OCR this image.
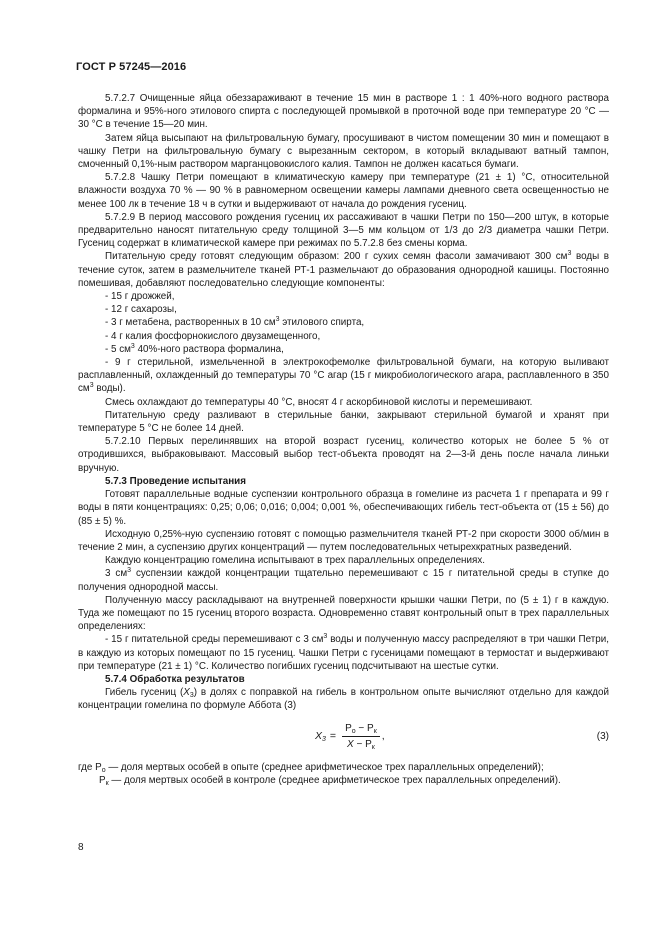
ГОСТ Р 57245—2016

5.7.2.7 Очищенные яйца обеззараживают в течение 15 мин в растворе 1 : 1 40%-ного водного раствора формалина и 95%-ного этилового спирта с последующей промывкой в проточной воде при температуре 20 °С — 30 °С в течение 15—20 мин.

Затем яйца высыпают на фильтровальную бумагу, просушивают в чистом помещении 30 мин и помещают в чашку Петри на фильтровальную бумагу с вырезанным сектором, в который вкладывают ватный тампон, смоченный 0,1%-ным раствором марганцовокислого калия. Тампон не должен касаться бумаги.

5.7.2.8 Чашку Петри помещают в климатическую камеру при температуре (21 ± 1) °С, относительной влажности воздуха 70 % — 90 % в равномерном освещении камеры лампами дневного света освещенностью не менее 100 лк в течение 18 ч в сутки и выдерживают от начала до рождения гусениц.

5.7.2.9 В период массового рождения гусениц их рассаживают в чашки Петри по 150—200 штук, в которые предварительно наносят питательную среду толщиной 3—5 мм кольцом от 1/3 до 2/3 диаметра чашки Петри. Гусениц содержат в климатической камере при режимах по 5.7.2.8 без смены корма.

Питательную среду готовят следующим образом: 200 г сухих семян фасоли замачивают 300 $см^3$ воды в течение суток, затем в размельчителе тканей РТ-1 размельчают до образования однородной кашицы. Постоянно помешивая, добавляют последовательно следующие компоненты:

- 15 г дрожжей,

- 12 г сахарозы,

- 3 г метабена, растворенных в 10 $см^3$ этилового спирта,

- 4 г калия фосфорнокислого двузамещенного,

- 5 $см^3$ 40%-ного раствора формалина,

- 9 г стерильной, измельченной в электрокофемолке фильтровальной бумаги, на которую выливают расплавленный, охлажденный до температуры 70 °С агар (15 г микробиологического агара, расплавленного в 350 $см^3$ воды).

Смесь охлаждают до температуры 40 °С, вносят 4 г аскорбиновой кислоты и перемешивают.

Питательную среду разливают в стерильные банки, закрывают стерильной бумагой и хранят при температуре 5 °С не более 14 дней.

5.7.2.10 Первых перелинявших на второй возраст гусениц, количество которых не более 5 % от отродившихся, выбраковывают. Массовый выбор тест-объекта проводят на 2—3-й день после начала линьки вручную.

5.7.3 Проведение испытания

Готовят параллельные водные суспензии контрольного образца в гомелине из расчета 1 г препарата и 99 г воды в пяти концентрациях: 0,25; 0,06; 0,016; 0,004; 0,001 %, обеспечивающих гибель тест-объекта от (15 ± 56) до (85 ± 5) %.

Исходную 0,25%-ную суспензию готовят с помощью размельчителя тканей РТ-2 при скорости 3000 об/мин в течение 2 мин, а суспензию других концентраций — путем последовательных четырехкратных разведений.

Каждую концентрацию гомелина испытывают в трех параллельных определениях.

3 $см^3$ суспензии каждой концентрации тщательно перемешивают с 15 г питательной среды в ступке до получения однородной массы.

Полученную массу раскладывают на внутренней поверхности крышки чашки Петри, по (5 ± 1) г в каждую. Туда же помещают по 15 гусениц второго возраста. Одновременно ставят контрольный опыт в трех параллельных определениях:

- 15 г питательной среды перемешивают с 3 $см^3$ воды и полученную массу распределяют в три чашки Петри, в каждую из которых помещают по 15 гусениц. Чашки Петри с гусеницами помещают в термостат и выдерживают при температуре (21 ± 1) °С. Количество погибших гусениц подсчитывают на шестые сутки.

5.7.4 Обработка результатов

Гибель гусениц $(X_3)$ в долях с поправкой на гибель в контрольном опыте вычисляют отдельно для каждой концентрации гомелина по формуле Аббота (3)

$X_3 = \frac{P_o - P_к}{X - P_к}$ ,	(3)

где $P_o$ — доля мертвых особей в опыте (среднее арифметическое трех параллельных определений);

$P_к$ — доля мертвых особей в контроле (среднее арифметическое трех параллельных определений).

8
